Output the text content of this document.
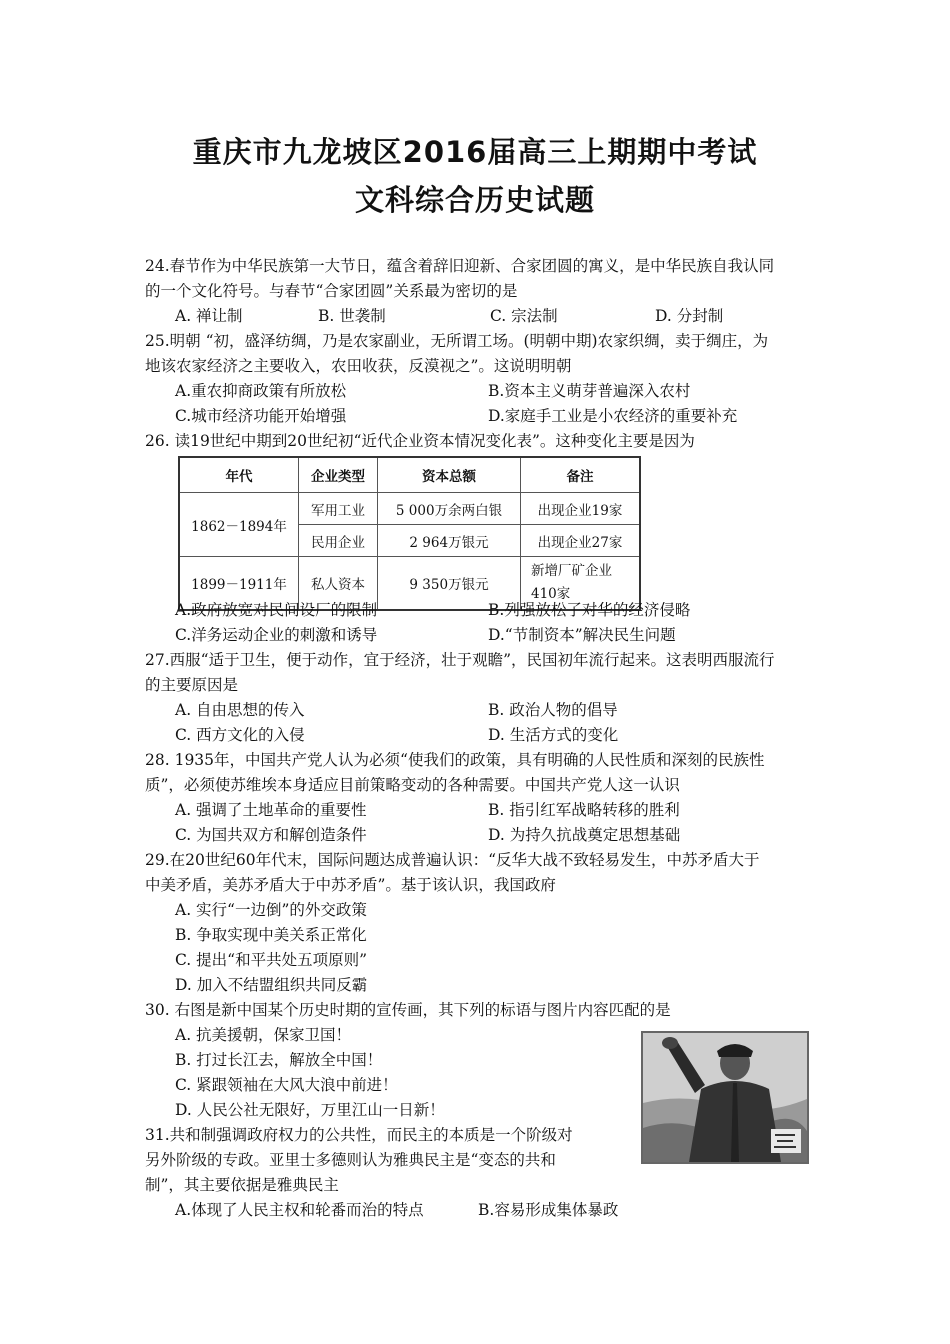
重庆市九龙坡区2016届高三上期期中考试
文科综合历史试题
24.春节作为中华民族第一大节日，蕴含着辞旧迎新、合家团圆的寓义，是中华民族自我认同
的一个文化符号。与春节“合家团圆”关系最为密切的是
A. 禅让制	B. 世袭制	C. 宗法制	D. 分封制
25.明朝 “初，盛泽纺绸，乃是农家副业，无所谓工场。(明朝中期)农家织绸，卖于绸庄，为
地该农家经济之主要收入，农田收获，反漠视之”。这说明明朝
A.重农抑商政策有所放松	B.资本主义萌芽普遍深入农村
C.城市经济功能开始增强	D.家庭手工业是小农经济的重要补充
26. 读19世纪中期到20世纪初“近代企业资本情况变化表”。这种变化主要是因为
年代	企业类型	资本总额	备注
1862－1894年	军用工业	5 000万余两白银	出现企业19家
	民用企业	2 964万银元	出现企业27家
1899－1911年	私人资本	9 350万银元	新增厂矿企业
410家
A.政府放宽对民间设厂的限制	B.列强放松了对华的经济侵略
C.洋务运动企业的刺激和诱导	D.“节制资本”解决民生问题
27.西服“适于卫生，便于动作，宜于经济，壮于观瞻”，民国初年流行起来。这表明西服流行
的主要原因是
A. 自由思想的传入	B. 政治人物的倡导
C. 西方文化的入侵	D. 生活方式的变化
28. 1935年，中国共产党人认为必须“使我们的政策，具有明确的人民性质和深刻的民族性
质”，必须使苏维埃本身适应目前策略变动的各种需要。中国共产党人这一认识
A. 强调了土地革命的重要性	B. 指引红军战略转移的胜利
C. 为国共双方和解创造条件	D. 为持久抗战奠定思想基础
29.在20世纪60年代末，国际问题达成普遍认识：“反华大战不致轻易发生，中苏矛盾大于
中美矛盾，美苏矛盾大于中苏矛盾”。基于该认识，我国政府
A. 实行“一边倒”的外交政策
B. 争取实现中美关系正常化
C. 提出“和平共处五项原则”
D. 加入不结盟组织共同反霸
30. 右图是新中国某个历史时期的宣传画，其下列的标语与图片内容匹配的是
A. 抗美援朝，保家卫国！
B. 打过长江去，解放全中国！
C. 紧跟领袖在大风大浪中前进！
D. 人民公社无限好，万里江山一日新！
31.共和制强调政府权力的公共性，而民主的本质是一个阶级对
另外阶级的专政。亚里士多德则认为雅典民主是“变态的共和
制”，其主要依据是雅典民主
A.体现了人民主权和轮番而治的特点	B.容易形成集体暴政
